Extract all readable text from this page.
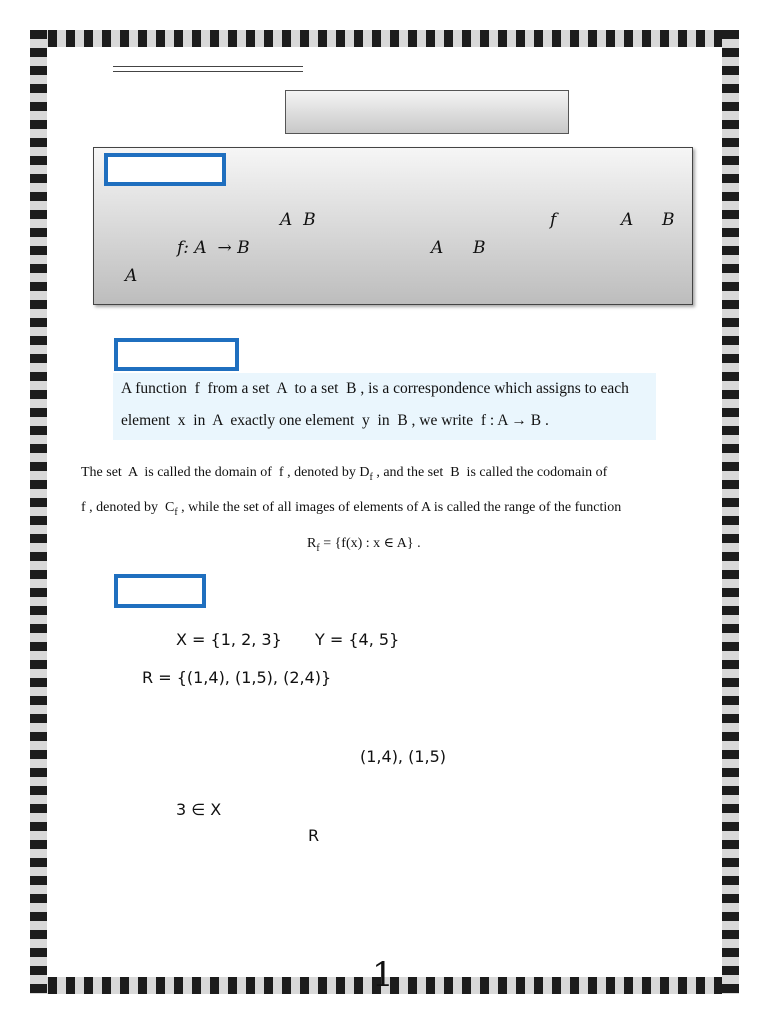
A  B	f	A B
f: A  → B	A B
A
A function  f  from a set  A  to a set  B , is a correspondence which assigns to each
element  x  in  A  exactly one element  y  in  B , we write  f : A → B .
The set  A  is called the domain of  f , denoted by $D_f$ , and the set  B  is called the codomain of
f , denoted by  $C_f$ , while the set of all images of elements of A is called the range of the function
$R_f = \{f(x)$ : x ∈ A} .
X = {1, 2, 3} Y = {4, 5}
R = {(1,4), (1,5), (2,4)}
(1,4), (1,5)
3 ∈ X
R
1
